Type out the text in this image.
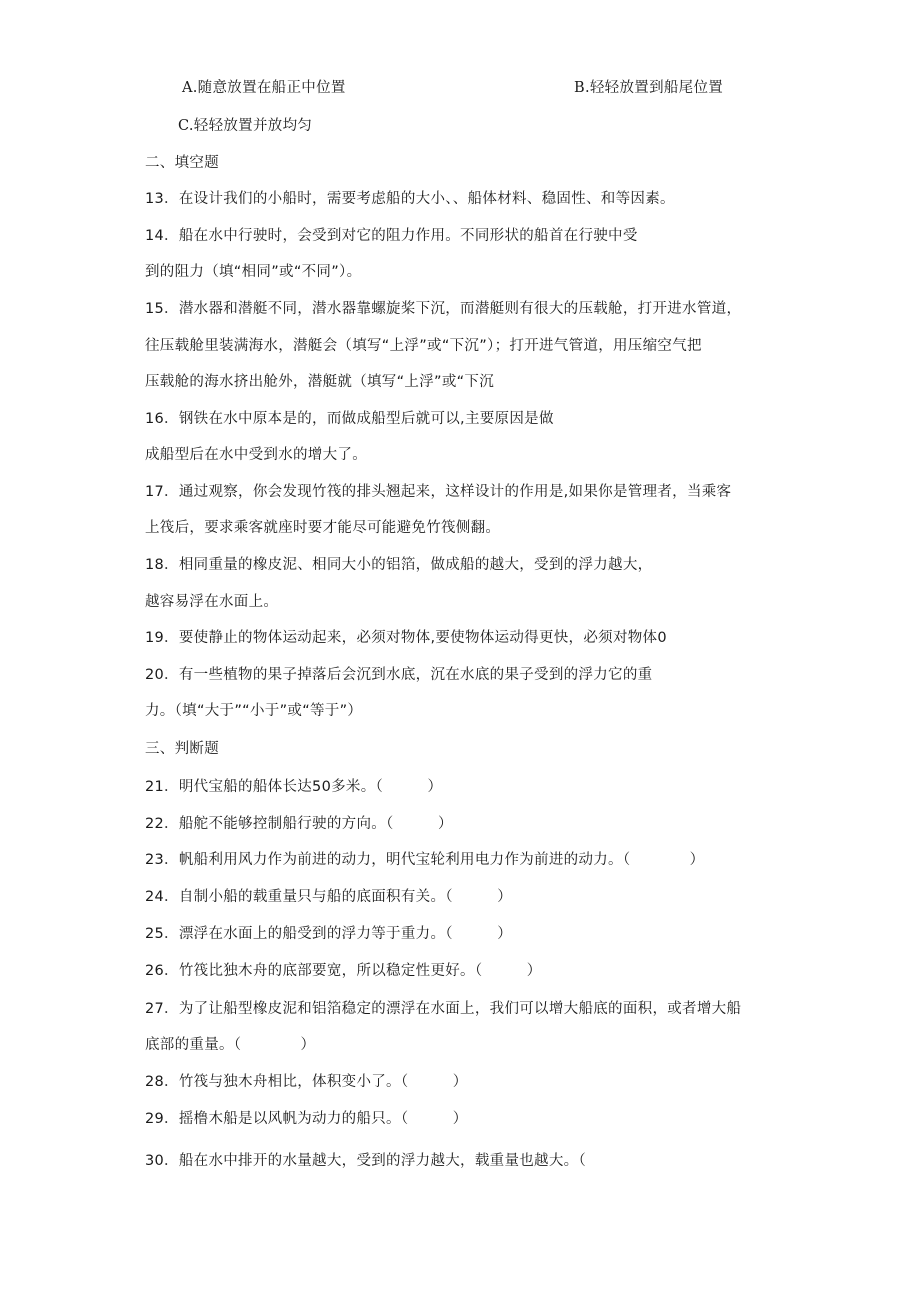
A.随意放置在船正中位置	B.轻轻放置到船尾位置
C.轻轻放置并放均匀
二、填空题
13．在设计我们的小船时，需要考虑船的大小、、船体材料、稳固性、和等因素。
14．船在水中行驶时，会受到对它的阻力作用。不同形状的船首在行驶中受
到的阻力（填“相同”或“不同”）。
15．潜水器和潜艇不同，潜水器靠螺旋桨下沉，而潜艇则有很大的压载舱，打开进水管道，
往压载舱里装满海水，潜艇会（填写“上浮”或“下沉”）；打开进气管道，用压缩空气把
压载舱的海水挤出舱外，潜艇就（填写“上浮”或“下沉
16．钢铁在水中原本是的，而做成船型后就可以,主要原因是做
成船型后在水中受到水的增大了。
17．通过观察，你会发现竹筏的排头翘起来，这样设计的作用是,如果你是管理者，当乘客
上筏后，要求乘客就座时要才能尽可能避免竹筏侧翻。
18．相同重量的橡皮泥、相同大小的铝箔，做成船的越大，受到的浮力越大，
越容易浮在水面上。
19．要使静止的物体运动起来，必须对物体,要使物体运动得更快，必须对物体0
20．有一些植物的果子掉落后会沉到水底，沉在水底的果子受到的浮力它的重
力。（填“大于”“小于”或“等于”）
三、判断题
21．明代宝船的船体长达50多米。（　　　）
22．船舵不能够控制船行驶的方向。（　　　）
23．帆船利用风力作为前进的动力，明代宝轮利用电力作为前进的动力。（　　　　）
24．自制小船的载重量只与船的底面积有关。（　　　）
25．漂浮在水面上的船受到的浮力等于重力。（　　　）
26．竹筏比独木舟的底部要宽，所以稳定性更好。（　　　）
27．为了让船型橡皮泥和铝箔稳定的漂浮在水面上，我们可以增大船底的面积，或者增大船
底部的重量。（　　　　）
28．竹筏与独木舟相比，体积变小了。（　　　）
29．摇橹木船是以风帆为动力的船只。（　　　）
30．船在水中排开的水量越大，受到的浮力越大，载重量也越大。（
